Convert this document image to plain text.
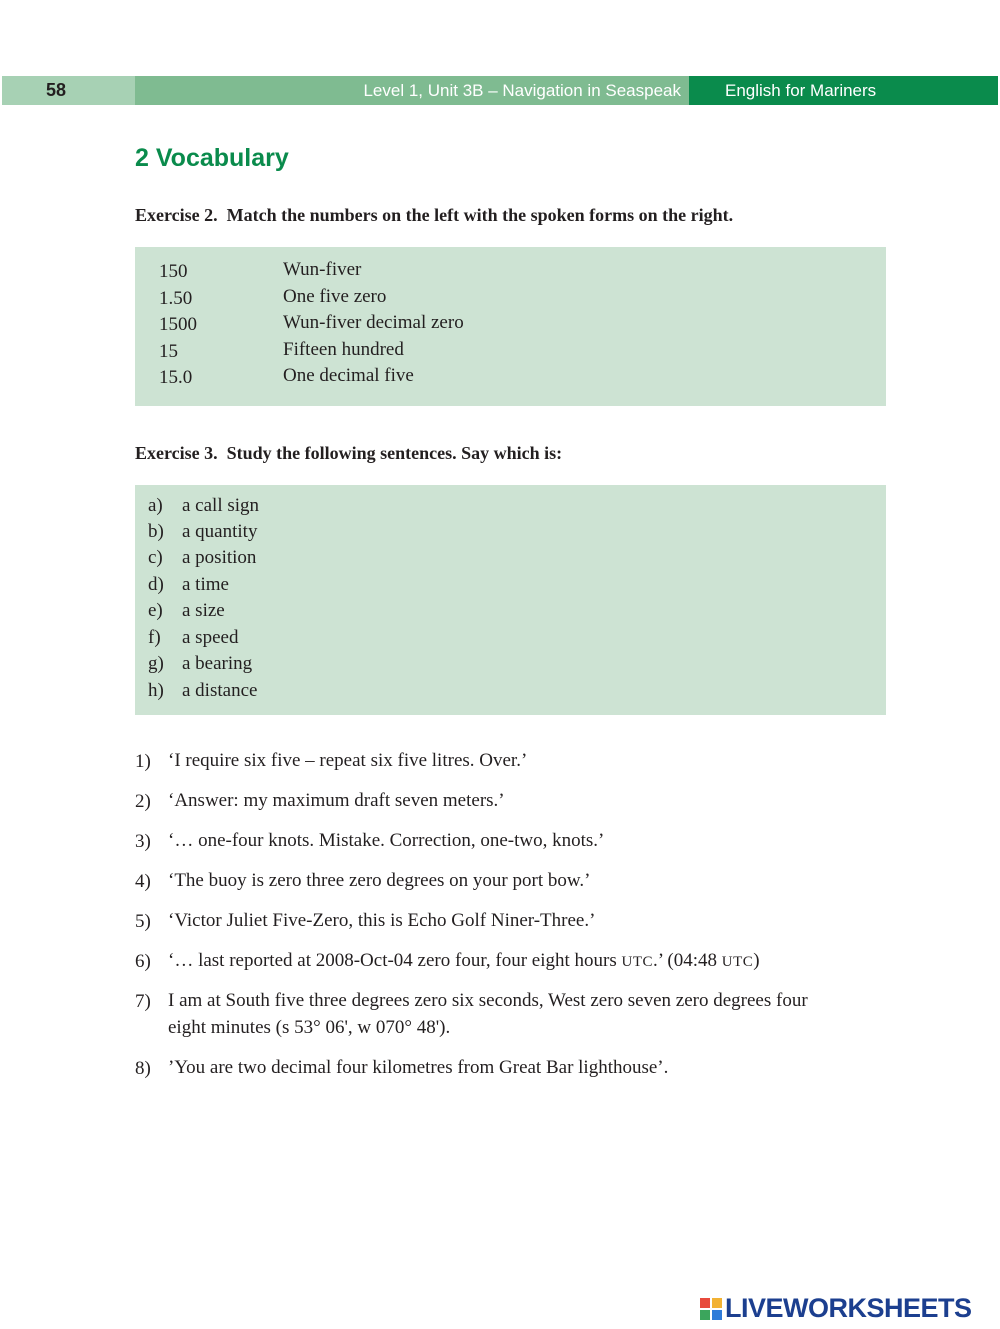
58	Level 1, Unit 3B – Navigation in Seaspeak	English for Mariners
2 Vocabulary
Exercise 2.  Match the numbers on the left with the spoken forms on the right.
150
1.50
1500
15
15.0
Wun-fiver
One five zero
Wun-fiver decimal zero
Fifteen hundred
One decimal five
Exercise 3.  Study the following sentences. Say which is:
a) a call sign
b) a quantity
c) a position
d) a time
e) a size
f) a speed
g) a bearing
h) a distance
1) ‘I require six five – repeat six five litres. Over.’
2) ‘Answer: my maximum draft seven meters.’
3) ‘… one-four knots. Mistake. Correction, one-two, knots.’
4) ‘The buoy is zero three zero degrees on your port bow.’
5) ‘Victor Juliet Five-Zero, this is Echo Golf Niner-Three.’
6) ‘… last reported at 2008-Oct-04 zero four, four eight hours UTC.’ (04:48 UTC)
7) I am at South five three degrees zero six seconds, West zero seven zero degrees four
eight minutes (s 53° 06', w 070° 48').
8) ’You are two decimal four kilometres from Great Bar lighthouse’.
LIVEWORKSHEETS
